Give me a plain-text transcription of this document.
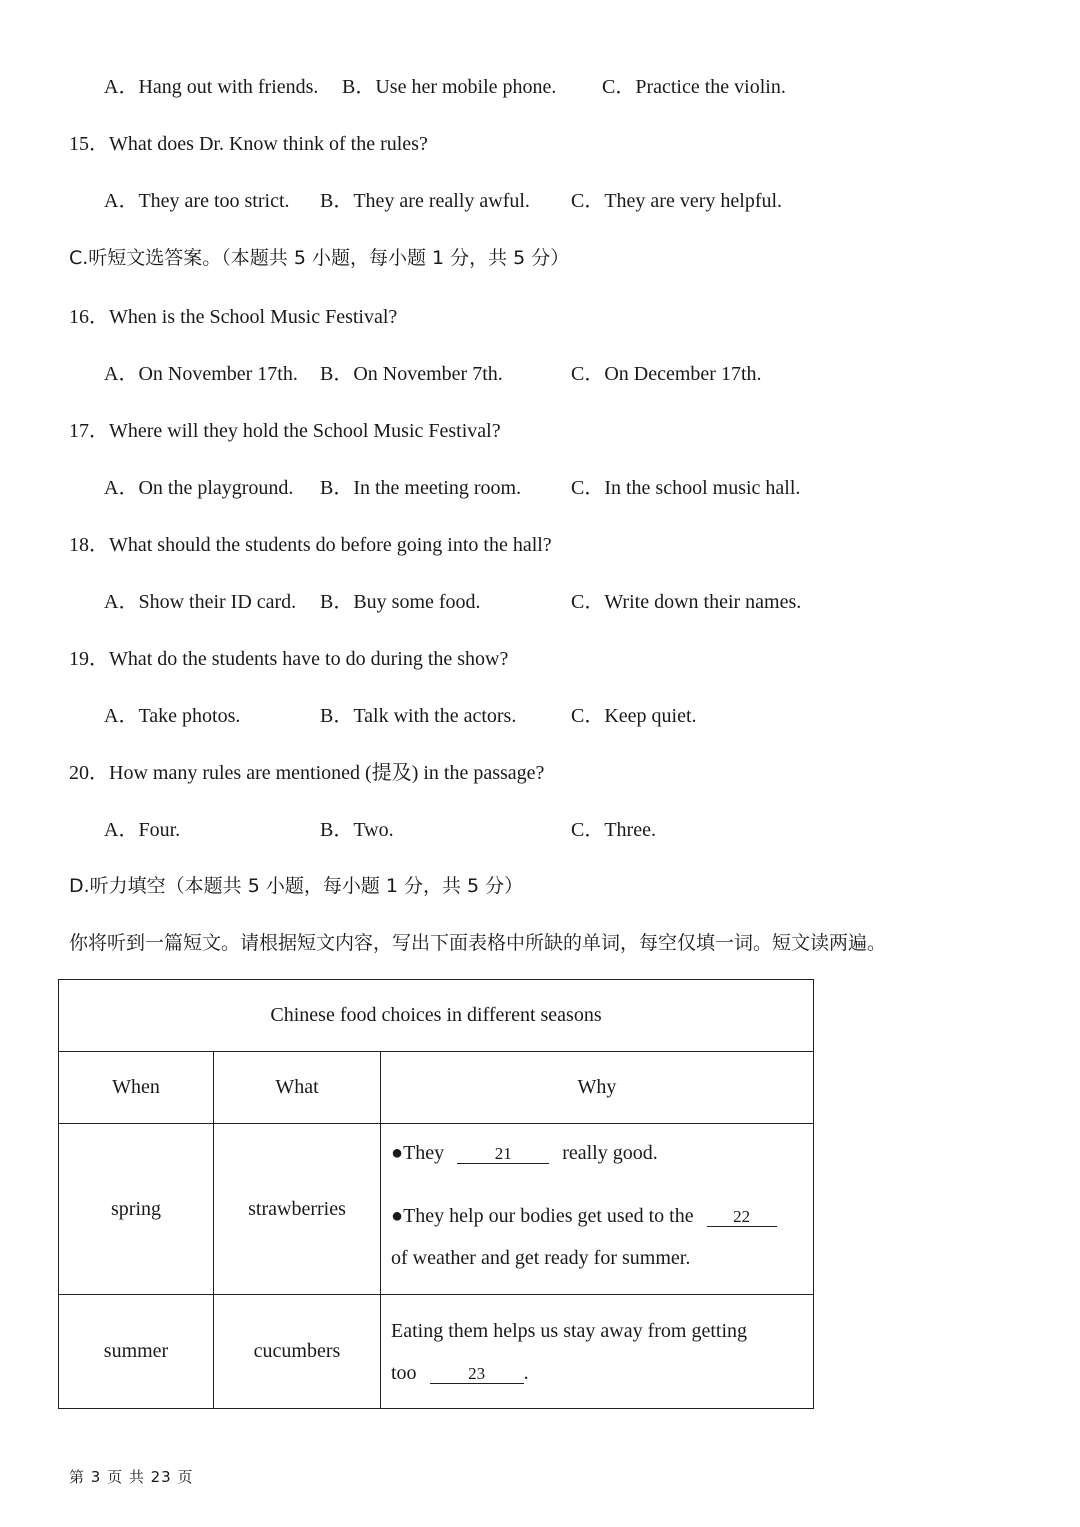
A．Hang out with friends. B．Use her mobile phone. C．Practice the violin.
15．What does Dr. Know think of the rules?
A．They are too strict. B．They are really awful. C．They are very helpful.
C.听短文选答案。（本题共 5 小题，每小题 1 分，共 5 分）
16．When is the School Music Festival?
A．On November 17th. B．On November 7th.	C．On December 17th.
17．Where will they hold the School Music Festival?
A．On the playground. B．In the meeting room. C．In the school music hall.
18．What should the students do before going into the hall?
A．Show their ID card. B．Buy some food.	C．Write down their names.
19．What do the students have to do during the show?
A．Take photos.	B．Talk with the actors.	C．Keep quiet.
20．How many rules are mentioned (提及) in the passage?
A．Four.	B．Two.	C．Three.
D.听力填空（本题共 5 小题，每小题 1 分，共 5 分）
你将听到一篇短文。请根据短文内容，写出下面表格中所缺的单词，每空仅填一词。短文读两遍。
Chinese food choices in different seasons		
When	What	Why
spring	strawberries	●They 21 really good.
●They help our bodies get used to the 22
of weather and get ready for summer.

summer	cucumbers	Eating them helps us stay away from getting
too 23 .
第 3 页 共 23 页
